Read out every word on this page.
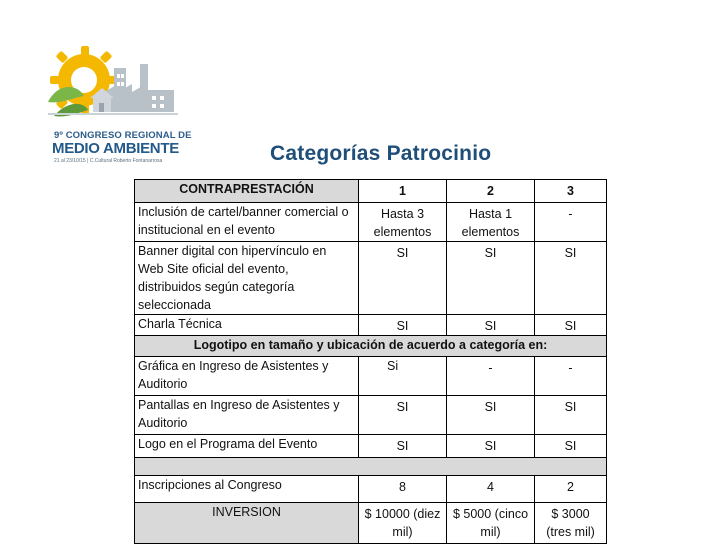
9º CONGRESO REGIONAL DE
MEDIO AMBIENTE
21 al 23/10/15 | C.Cultural Roberto Fontanarrosa	Categorías Patrocinio
CONTRAPRESTACIÓN	1	2	3
Inclusión de cartel/banner comercial o institucional en el evento	Hasta 3 elementos	Hasta 1 elementos	-
Banner digital con hipervínculo en Web Site oficial del evento, distribuidos según categoría seleccionada	SI	SI	SI
Charla Técnica	SI	SI	SI
Logotipo en tamaño y ubicación de acuerdo a categoría en:			
Gráfica en Ingreso de Asistentes y Auditorio	Si	-	-
Pantallas en Ingreso de Asistentes y Auditorio	SI	SI	SI
Logo en el Programa del Evento	SI	SI	SI

Inscripciones al Congreso	8	4	2
INVERSION	$ 10000 (diez mil)	$ 5000 (cinco mil)	$ 3000 (tres mil)
